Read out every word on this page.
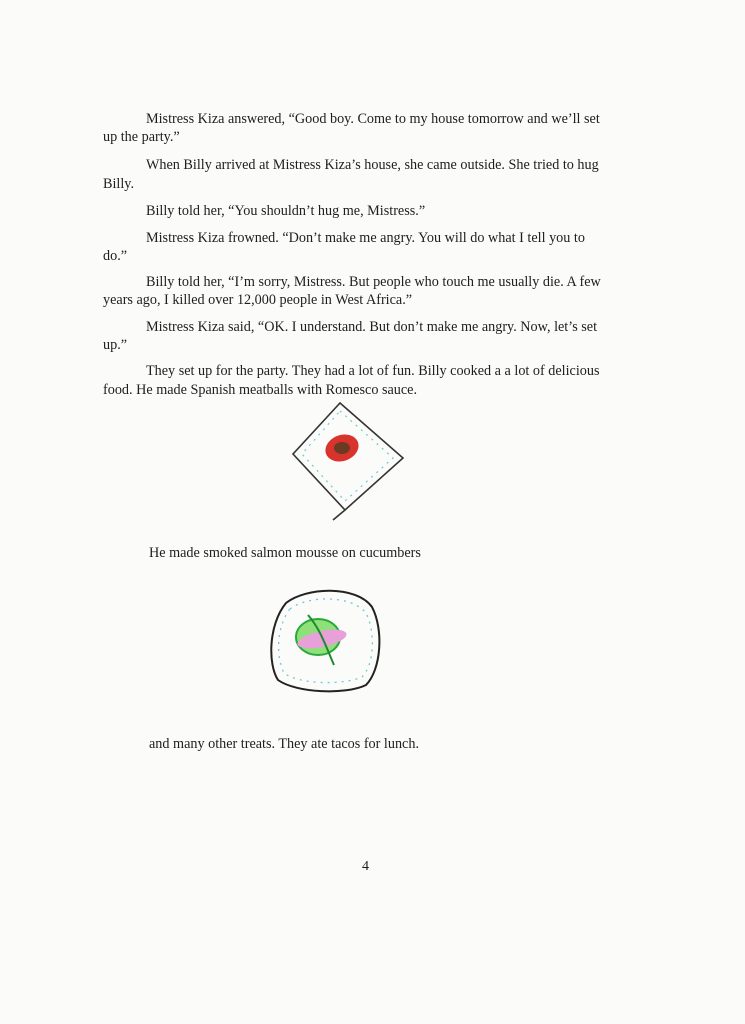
Mistress Kiza answered, “Good boy. Come to my house tomorrow and we’ll set
up the party.”
When Billy arrived at Mistress Kiza’s house, she came outside. She tried to hug
Billy.
Billy told her, “You shouldn’t hug me, Mistress.”
Mistress Kiza frowned. “Don’t make me angry. You will do what I tell you to
do.”
Billy told her, “I’m sorry, Mistress. But people who touch me usually die. A few
years ago, I killed over 12,000 people in West Africa.”
Mistress Kiza said, “OK. I understand. But don’t make me angry. Now, let’s set
up.”
They set up for the party. They had a lot of fun. Billy cooked a a lot of delicious
food. He made Spanish meatballs with Romesco sauce.
He made smoked salmon mousse on cucumbers
and many other treats. They ate tacos for lunch.
4
